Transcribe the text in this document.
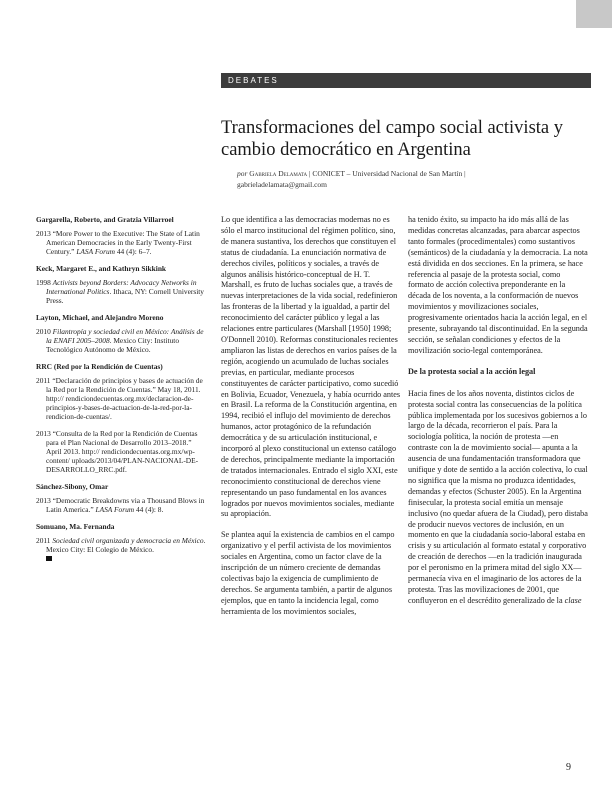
DEBATES
Transformaciones del campo social activista y cambio democrático en Argentina
por Gabriela Delamata | CONICET – Universidad Nacional de San Martín |
gabrieladelamata@gmail.com

Gargarella, Roberto, and Gratzia Villarroel

2013 “More Power to the Executive: The State of Latin American Democracies in the Early Twenty-First Century.” LASA Forum 44 (4): 6–7.

Keck, Margaret E., and Kathryn Sikkink

1998 Activists beyond Borders: Advocacy Networks in International Politics. Ithaca, NY: Cornell University Press.

Layton, Michael, and Alejandro Moreno

2010 Filantropía y sociedad civil en México: Análisis de la ENAFI 2005–2008. Mexico City: Instituto Tecnológico Autónomo de México.

RRC (Red por la Rendición de Cuentas)

2011 “Declaración de principios y bases de actuación de la Red por la Rendición de Cuentas.” May 18, 2011. http:// rendiciondecuentas.org.mx/declaracion-de-principios-y-bases-de-actuacion-de-la-red-por-la-rendicion-de-cuentas/.

2013 “Consulta de la Red por la Rendición de Cuentas para el Plan Nacional de Desarrollo 2013–2018.” April 2013. http:// rendiciondecuentas.org.mx/wp-content/ uploads/2013/04/PLAN-NACIONAL-DE-DESARROLLO_RRC.pdf.

Sánchez-Sibony, Omar

2013 “Democratic Breakdowns via a Thousand Blows in Latin America.” LASA Forum 44 (4): 8.

Somuano, Ma. Fernanda

2011 Sociedad civil organizada y democracia en México. Mexico City: El Colegio de México.

Lo que identifica a las democracias modernas no es sólo el marco institucional del régimen político, sino, de manera sustantiva, los derechos que constituyen el status de ciudadanía. La enunciación normativa de derechos civiles, políticos y sociales, a través de algunos análisis histórico-conceptual de H. T. Marshall, es fruto de luchas sociales que, a través de nuevas interpretaciones de la vida social, redefinieron las fronteras de la libertad y la igualdad, a partir del reconocimiento del carácter público y legal a las relaciones entre particulares (Marshall [1950] 1998; O'Donnell 2010). Reformas constitucionales recientes ampliaron las listas de derechos en varios países de la región, acogiendo un acumulado de luchas sociales previas, en particular, mediante procesos constituyentes de carácter participativo, como sucedió en Bolivia, Ecuador, Venezuela, y había ocurrido antes en Brasil. La reforma de la Constitución argentina, en 1994, recibió el influjo del movimiento de derechos humanos, actor protagónico de la refundación democrática y de su articulación institucional, e incorporó al plexo constitucional un extenso catálogo de derechos, principalmente mediante la importación de tratados internacionales. Entrado el siglo XXI, este reconocimiento constitucional de derechos viene representando un paso fundamental en los avances logrados por nuevos movimientos sociales, mediante su apropiación.

Se plantea aquí la existencia de cambios en el campo organizativo y el perfil activista de los movimientos sociales en Argentina, como un factor clave de la inscripción de un número creciente de demandas colectivas bajo la exigencia de cumplimiento de derechos. Se argumenta también, a partir de algunos ejemplos, que en tanto la incidencia legal, como herramienta de los movimientos sociales,

ha tenido éxito, su impacto ha ido más allá de las medidas concretas alcanzadas, para abarcar aspectos tanto formales (procedimentales) como sustantivos (semánticos) de la ciudadanía y la democracia. La nota está dividida en dos secciones. En la primera, se hace referencia al pasaje de la protesta social, como formato de acción colectiva preponderante en la década de los noventa, a la conformación de nuevos movimientos y movilizaciones sociales, progresivamente orientados hacia la acción legal, en el presente, subrayando tal discontinuidad. En la segunda sección, se señalan condiciones y efectos de la movilización socio-legal contemporánea.

De la protesta social a la acción legal

Hacia fines de los años noventa, distintos ciclos de protesta social contra las consecuencias de la política pública implementada por los sucesivos gobiernos a lo largo de la década, recorrieron el país. Para la sociología política, la noción de protesta —en contraste con la de movimiento social— apunta a la ausencia de una fundamentación transformadora que unifique y dote de sentido a la acción colectiva, lo cual no significa que la misma no produzca identidades, demandas y efectos (Schuster 2005). En la Argentina finisecular, la protesta social emitía un mensaje inclusivo (no quedar afuera de la Ciudad), pero distaba de producir nuevos vectores de inclusión, en un momento en que la ciudadanía socio-laboral estaba en crisis y su articulación al formato estatal y corporativo de creación de derechos —en la tradición inaugurada por el peronismo en la primera mitad del siglo XX— permanecía viva en el imaginario de los actores de la protesta. Tras las movilizaciones de 2001, que confluyeron en el descrédito generalizado de la clase

9
